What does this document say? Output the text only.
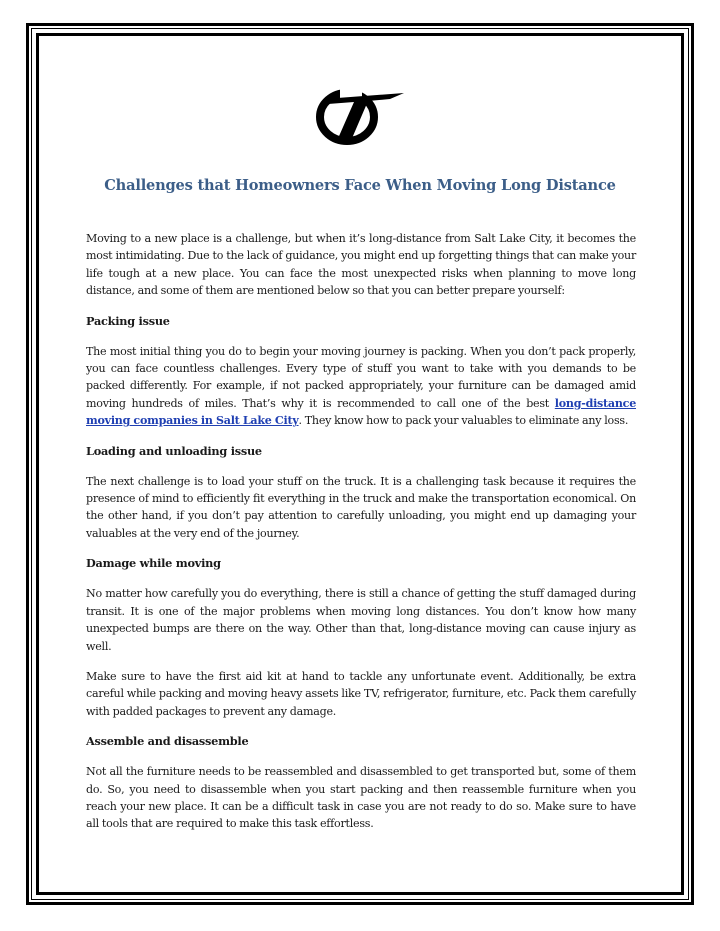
Challenges that Homeowners Face When Moving Long Distance

Moving to a new place is a challenge, but when it’s long-distance from Salt Lake City, it becomes the most intimidating. Due to the lack of guidance, you might end up forgetting things that can make your life tough at a new place. You can face the most unexpected risks when planning to move long distance, and some of them are mentioned below so that you can better prepare yourself:

Packing issue

The most initial thing you do to begin your moving journey is packing. When you don’t pack properly, you can face countless challenges. Every type of stuff you want to take with you demands to be packed differently. For example, if not packed appropriately, your furniture can be damaged amid moving hundreds of miles. That’s why it is recommended to call one of the best long-distance moving companies in Salt Lake City. They know how to pack your valuables to eliminate any loss.

Loading and unloading issue

The next challenge is to load your stuff on the truck. It is a challenging task because it requires the presence of mind to efficiently fit everything in the truck and make the transportation economical. On the other hand, if you don’t pay attention to carefully unloading, you might end up damaging your valuables at the very end of the journey.

Damage while moving

No matter how carefully you do everything, there is still a chance of getting the stuff damaged during transit. It is one of the major problems when moving long distances. You don’t know how many unexpected bumps are there on the way. Other than that, long-distance moving can cause injury as well.

Make sure to have the first aid kit at hand to tackle any unfortunate event. Additionally, be extra careful while packing and moving heavy assets like TV, refrigerator, furniture, etc. Pack them carefully with padded packages to prevent any damage.

Assemble and disassemble

Not all the furniture needs to be reassembled and disassembled to get transported but, some of them do. So, you need to disassemble when you start packing and then reassemble furniture when you reach your new place. It can be a difficult task in case you are not ready to do so. Make sure to have all tools that are required to make this task effortless.
